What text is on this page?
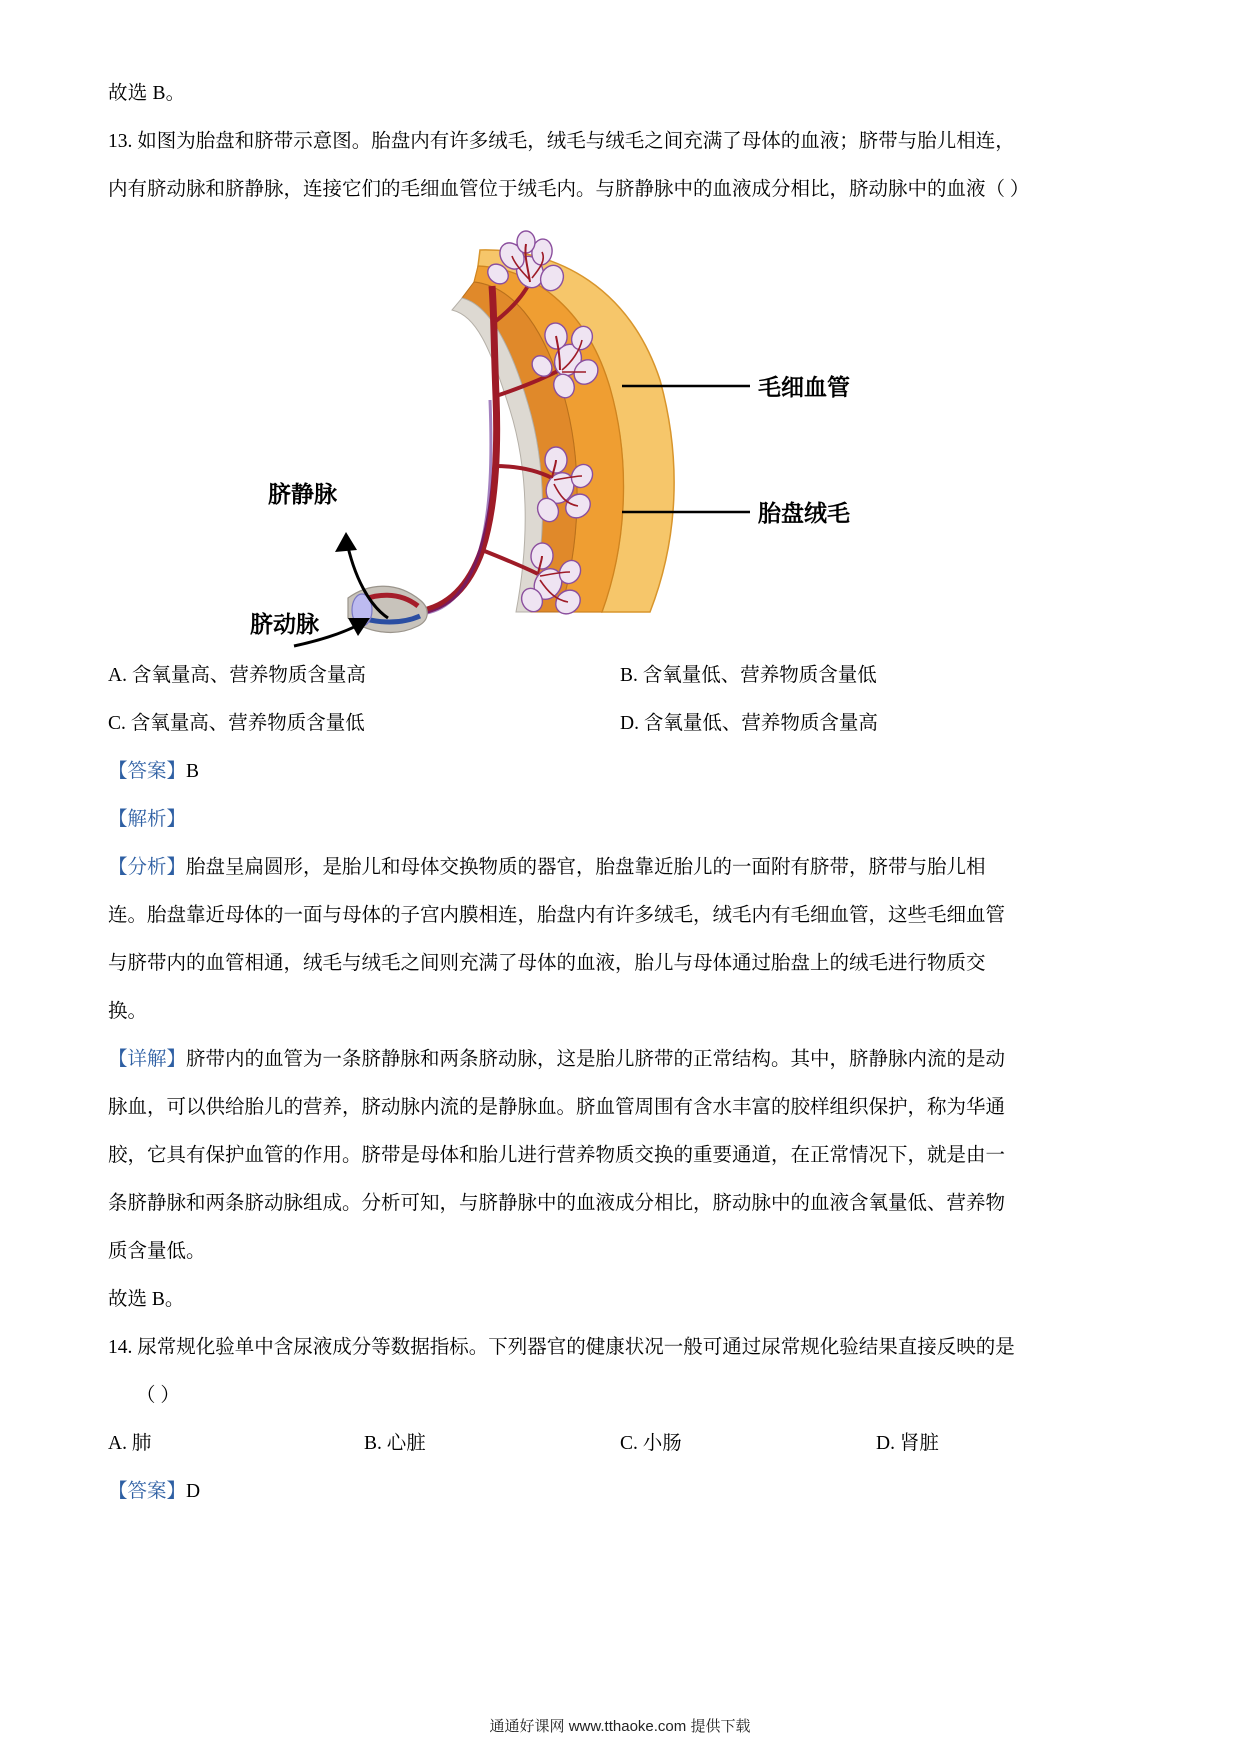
故选 B。
13. 如图为胎盘和脐带示意图。胎盘内有许多绒毛，绒毛与绒毛之间充满了母体的血液；脐带与胎儿相连，
内有脐动脉和脐静脉，连接它们的毛细血管位于绒毛内。与脐静脉中的血液成分相比，脐动脉中的血液（ ）
毛细血管
胎盘绒毛
脐静脉
脐动脉
A. 含氧量高、营养物质含量高	B. 含氧量低、营养物质含量低
C. 含氧量高、营养物质含量低	D. 含氧量低、营养物质含量高
【答案】B
【解析】
【分析】胎盘呈扁圆形，是胎儿和母体交换物质的器官，胎盘靠近胎儿的一面附有脐带，脐带与胎儿相
连。胎盘靠近母体的一面与母体的子宫内膜相连，胎盘内有许多绒毛，绒毛内有毛细血管，这些毛细血管
与脐带内的血管相通，绒毛与绒毛之间则充满了母体的血液，胎儿与母体通过胎盘上的绒毛进行物质交
换。
【详解】脐带内的血管为一条脐静脉和两条脐动脉，这是胎儿脐带的正常结构。其中，脐静脉内流的是动
脉血，可以供给胎儿的营养，脐动脉内流的是静脉血。脐血管周围有含水丰富的胶样组织保护，称为华通
胶，它具有保护血管的作用。脐带是母体和胎儿进行营养物质交换的重要通道，在正常情况下，就是由一
条脐静脉和两条脐动脉组成。分析可知，与脐静脉中的血液成分相比，脐动脉中的血液含氧量低、营养物
质含量低。
故选 B。
14. 尿常规化验单中含尿液成分等数据指标。下列器官的健康状况一般可通过尿常规化验结果直接反映的是
（ ）
A. 肺	B. 心脏	C. 小肠	D. 肾脏
【答案】D
通通好课网 www.tthaoke.com 提供下载
